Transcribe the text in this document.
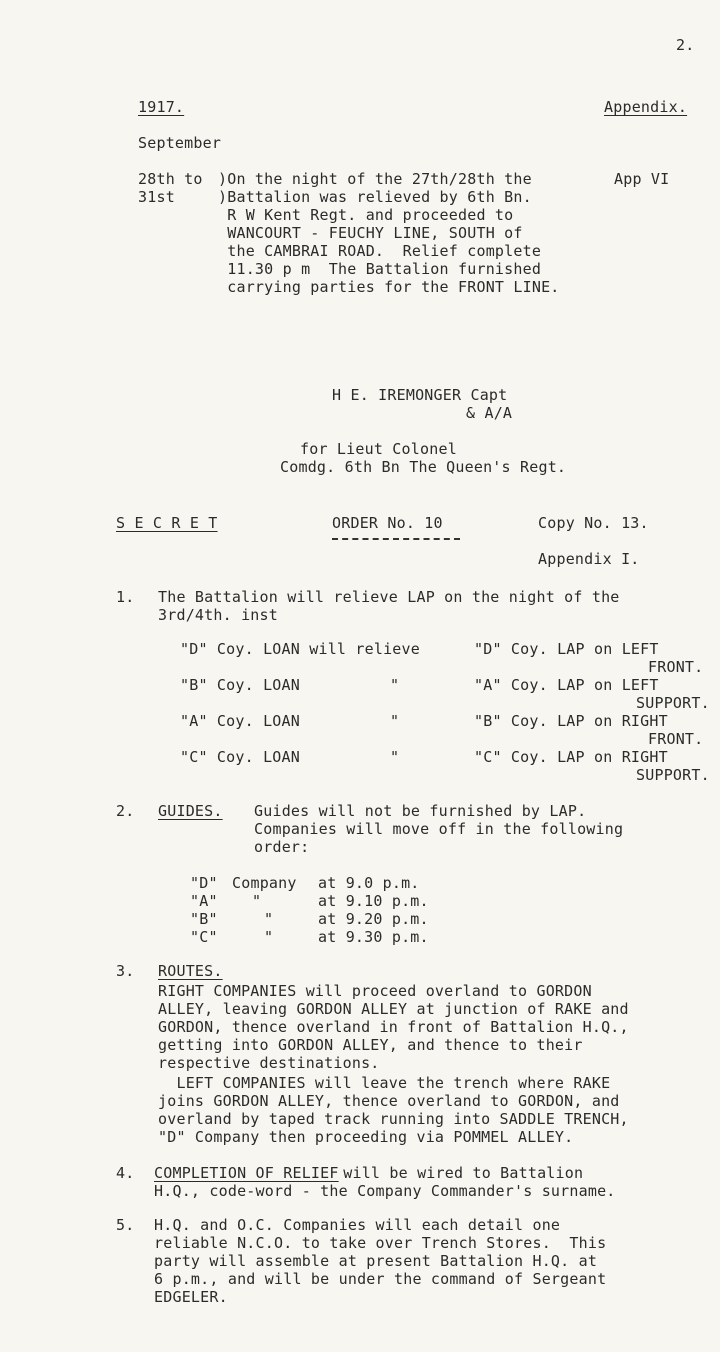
2.
1917.	Appendix.
September
28th to
31st
)On the night of the 27th/28th the
)Battalion was relieved by 6th Bn.
R W Kent Regt. and proceeded to
WANCOURT - FEUCHY LINE, SOUTH of
the CAMBRAI ROAD.  Relief complete
11.30 p m  The Battalion furnished
carrying parties for the FRONT LINE.
App VI
H E. IREMONGER Capt
& A/A
for Lieut Colonel
Comdg. 6th Bn The Queen's Regt.
S E C R E T	ORDER No. 10	Copy No. 13.
Appendix I.
1. The Battalion will relieve LAP on the night of the
3rd/4th. inst
"D" Coy. LOAN will relieve	"D" Coy. LAP on LEFT
FRONT.
"B" Coy. LOAN	"	"A" Coy. LAP on LEFT
SUPPORT.
"A" Coy. LOAN	"	"B" Coy. LAP on RIGHT
FRONT.
"C" Coy. LOAN	"	"C" Coy. LAP on RIGHT
SUPPORT.
2. GUIDES. Guides will not be furnished by LAP.
Companies will move off in the following
order:
"D" Company at 9.0 p.m.
"A" "	at 9.10 p.m.
"B"	"	at 9.20 p.m.
"C"	"	at 9.30 p.m.
3. ROUTES.
RIGHT COMPANIES will proceed overland to GORDON
ALLEY, leaving GORDON ALLEY at junction of RAKE and
GORDON, thence overland in front of Battalion H.Q.,
getting into GORDON ALLEY, and thence to their
respective destinations.
LEFT COMPANIES will leave the trench where RAKE
joins GORDON ALLEY, thence overland to GORDON, and
overland by taped track running into SADDLE TRENCH,
"D" Company then proceeding via POMMEL ALLEY.
4. COMPLETION OF RELIEF
will be wired to Battalion
H.Q., code-word - the Company Commander's surname.
5. H.Q. and O.C. Companies will each detail one
reliable N.C.O. to take over Trench Stores.  This
party will assemble at present Battalion H.Q. at
6 p.m., and will be under the command of Sergeant
EDGELER.
